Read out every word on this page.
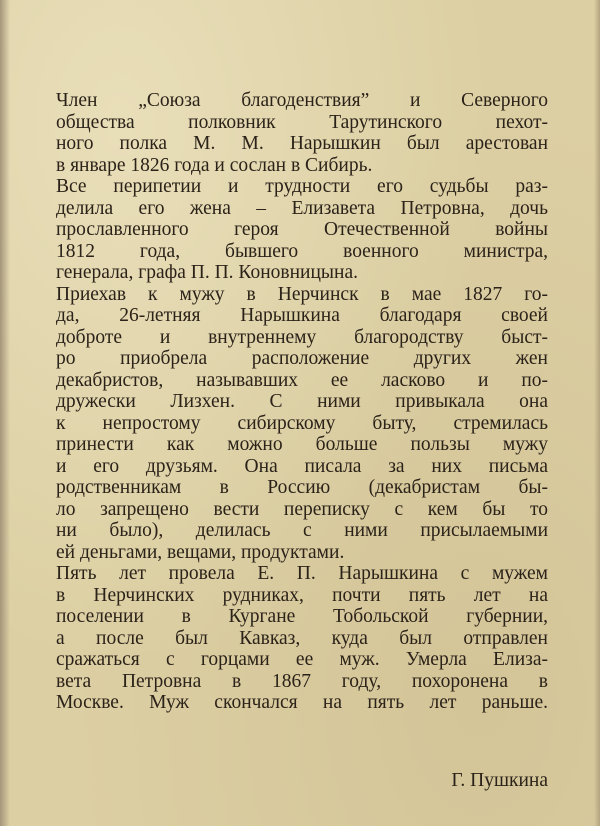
Член „Союза благоденствия” и Северного
общества полковник Тарутинского пехот-
ного полка М. М. Нарышкин был арестован
в январе 1826 года и сослан в Сибирь.
Все перипетии и трудности его судьбы раз-
делила его жена – Елизавета Петровна, дочь
прославленного героя Отечественной войны
1812 года, бывшего военного министра,
генерала, графа П. П. Коновницына.
Приехав к мужу в Нерчинск в мае 1827 го-
да, 26-летняя Нарышкина благодаря своей
доброте и внутреннему благородству быст-
ро приобрела расположение других жен
декабристов, называвших ее ласково и по-
дружески Лизхен. С ними привыкала она
к непростому сибирскому быту, стремилась
принести как можно больше пользы мужу
и его друзьям. Она писала за них письма
родственникам в Россию (декабристам бы-
ло запрещено вести переписку с кем бы то
ни было), делилась с ними присылаемыми
ей деньгами, вещами, продуктами.
Пять лет провела Е. П. Нарышкина с мужем
в Нерчинских рудниках, почти пять лет на
поселении в Кургане Тобольской губернии,
а после был Кавказ, куда был отправлен
сражаться с горцами ее муж. Умерла Елиза-
вета Петровна в 1867 году, похоронена в
Москве. Муж скончался на пять лет раньше.
Г. Пушкина
